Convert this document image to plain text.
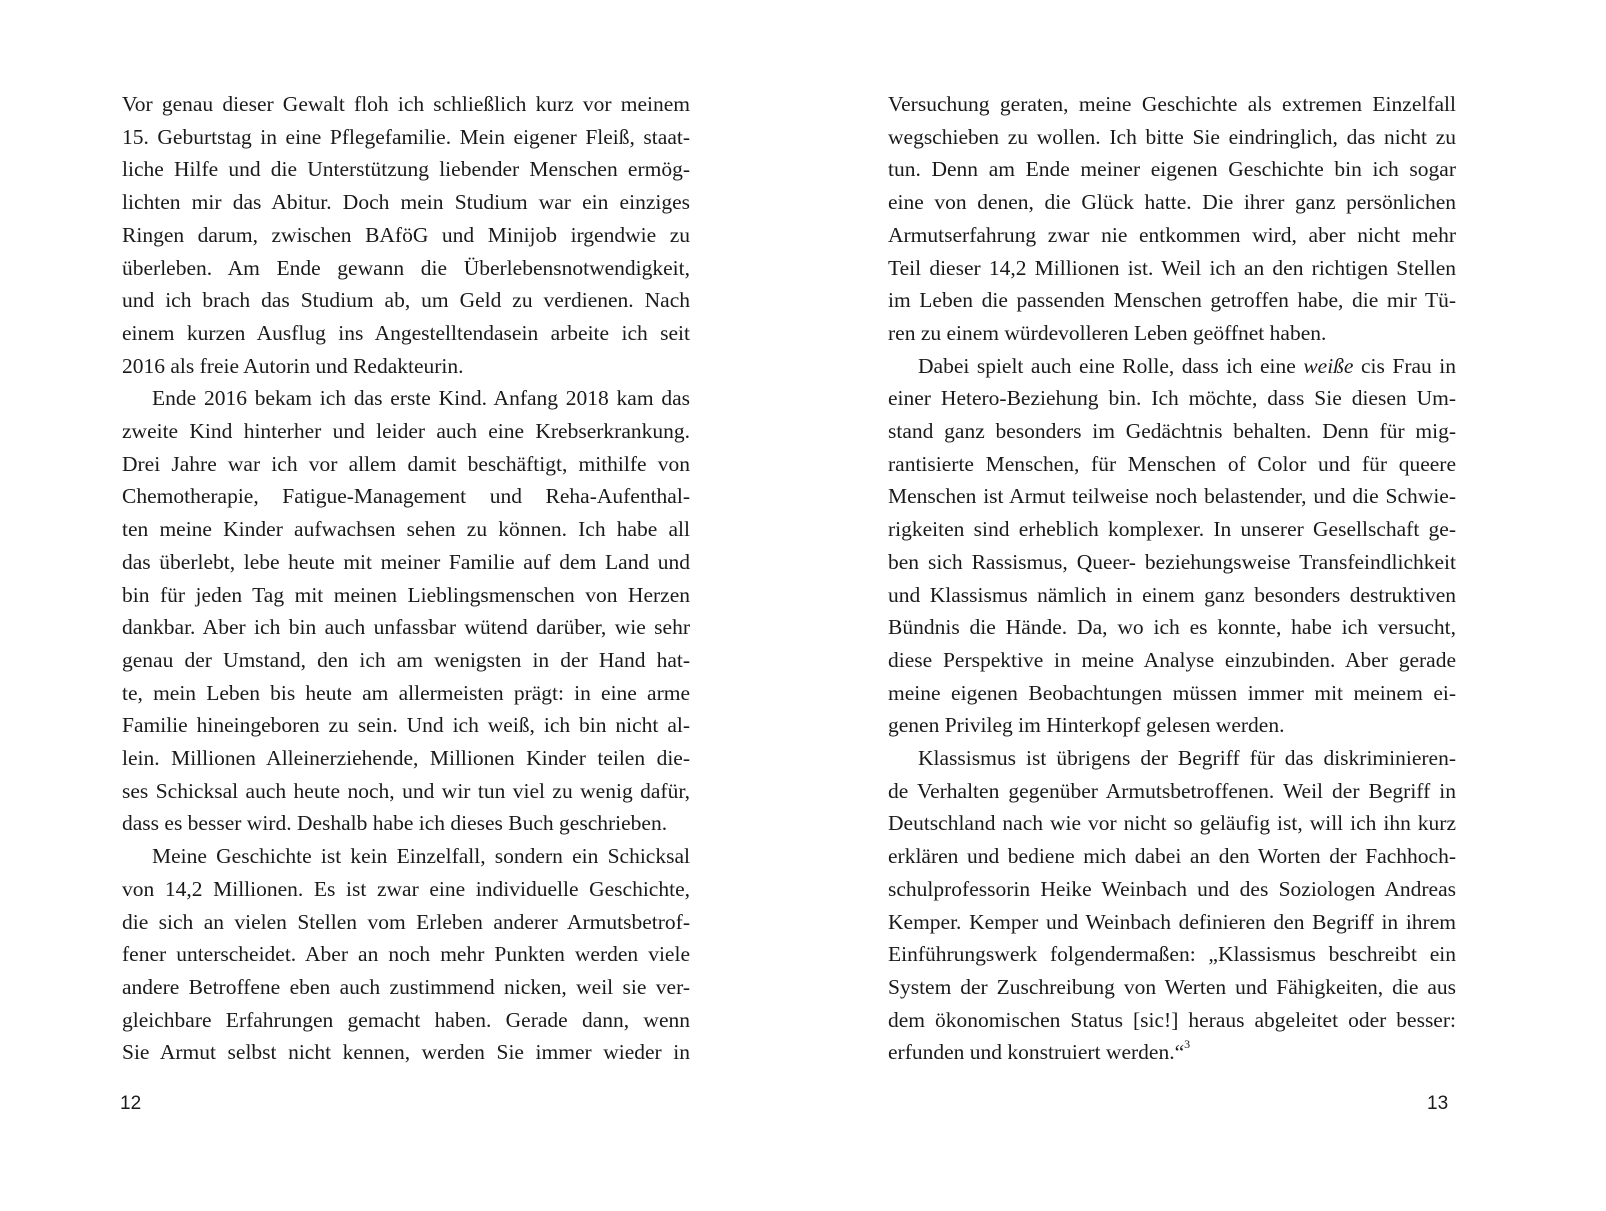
Vor genau dieser Gewalt floh ich schließlich kurz vor meinem
15. Geburtstag in eine Pflegefamilie. Mein eigener Fleiß, staat-
liche Hilfe und die Unterstützung liebender Menschen ermög-
lichten mir das Abitur. Doch mein Studium war ein einziges
Ringen darum, zwischen BAföG und Minijob irgendwie zu
überleben. Am Ende gewann die Überlebensnotwendigkeit,
und ich brach das Studium ab, um Geld zu verdienen. Nach
einem kurzen Ausflug ins Angestelltendasein arbeite ich seit
2016 als freie Autorin und Redakteurin.

Ende 2016 bekam ich das erste Kind. Anfang 2018 kam das
zweite Kind hinterher und leider auch eine Krebserkrankung.
Drei Jahre war ich vor allem damit beschäftigt, mithilfe von
Chemotherapie, Fatigue-Management und Reha-Aufenthal-
ten meine Kinder aufwachsen sehen zu können. Ich habe all
das überlebt, lebe heute mit meiner Familie auf dem Land und
bin für jeden Tag mit meinen Lieblingsmenschen von Herzen
dankbar. Aber ich bin auch unfassbar wütend darüber, wie sehr
genau der Umstand, den ich am wenigsten in der Hand hat-
te, mein Leben bis heute am allermeisten prägt: in eine arme
Familie hineingeboren zu sein. Und ich weiß, ich bin nicht al-
lein. Millionen Alleinerziehende, Millionen Kinder teilen die-
ses Schicksal auch heute noch, und wir tun viel zu wenig dafür,
dass es besser wird. Deshalb habe ich dieses Buch geschrieben.

Meine Geschichte ist kein Einzelfall, sondern ein Schicksal
von 14,2 Millionen. Es ist zwar eine individuelle Geschichte,
die sich an vielen Stellen vom Erleben anderer Armutsbetrof-
fener unterscheidet. Aber an noch mehr Punkten werden viele
andere Betroffene eben auch zustimmend nicken, weil sie ver-
gleichbare Erfahrungen gemacht haben. Gerade dann, wenn
Sie Armut selbst nicht kennen, werden Sie immer wieder in

12

Versuchung geraten, meine Geschichte als extremen Einzelfall
wegschieben zu wollen. Ich bitte Sie eindringlich, das nicht zu
tun. Denn am Ende meiner eigenen Geschichte bin ich sogar
eine von denen, die Glück hatte. Die ihrer ganz persönlichen
Armutserfahrung zwar nie entkommen wird, aber nicht mehr
Teil dieser 14,2 Millionen ist. Weil ich an den richtigen Stellen
im Leben die passenden Menschen getroffen habe, die mir Tü-
ren zu einem würdevolleren Leben geöffnet haben.

Dabei spielt auch eine Rolle, dass ich eine weiße cis Frau in
einer Hetero-Beziehung bin. Ich möchte, dass Sie diesen Um-
stand ganz besonders im Gedächtnis behalten. Denn für mig-
rantisierte Menschen, für Menschen of Color und für queere
Menschen ist Armut teilweise noch belastender, und die Schwie-
rigkeiten sind erheblich komplexer. In unserer Gesellschaft ge-
ben sich Rassismus, Queer- beziehungsweise Transfeindlichkeit
und Klassismus nämlich in einem ganz besonders destruktiven
Bündnis die Hände. Da, wo ich es konnte, habe ich versucht,
diese Perspektive in meine Analyse einzubinden. Aber gerade
meine eigenen Beobachtungen müssen immer mit meinem ei-
genen Privileg im Hinterkopf gelesen werden.

Klassismus ist übrigens der Begriff für das diskriminieren-
de Verhalten gegenüber Armutsbetroffenen. Weil der Begriff in
Deutschland nach wie vor nicht so geläufig ist, will ich ihn kurz
erklären und bediene mich dabei an den Worten der Fachhoch-
schulprofessorin Heike Weinbach und des Soziologen Andreas
Kemper. Kemper und Weinbach definieren den Begriff in ihrem
Einführungswerk folgendermaßen: „Klassismus beschreibt ein
System der Zuschreibung von Werten und Fähigkeiten, die aus
dem ökonomischen Status [sic!] heraus abgeleitet oder besser:
erfunden und konstruiert werden.“$^3$

13
